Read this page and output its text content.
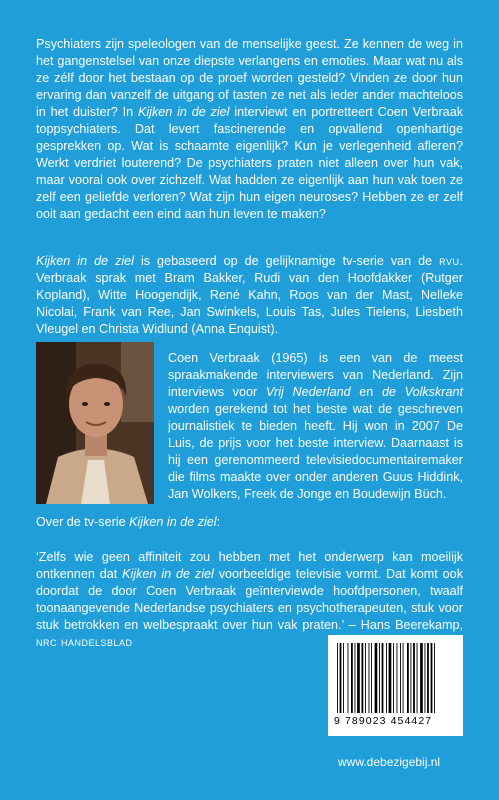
Psychiaters zijn speleologen van de menselijke geest. Ze kennen de weg in het gangenstelsel van onze diepste verlangens en emoties. Maar wat nu als ze zélf door het bestaan op de proef worden gesteld? Vinden ze door hun ervaring dan vanzelf de uitgang of tasten ze net als ieder ander machteloos in het duister? In Kijken in de ziel interviewt en portretteert Coen Verbraak toppsychiaters. Dat levert fascinerende en opvallend openhartige gesprekken op. Wat is schaamte eigenlijk? Kun je verlegenheid afleren? Werkt verdriet louterend? De psychiaters praten niet alleen over hun vak, maar vooral ook over zichzelf. Wat hadden ze eigenlijk aan hun vak toen ze zelf een geliefde verloren? Wat zijn hun eigen neuroses? Hebben ze er zelf ooit aan gedacht een eind aan hun leven te maken?

Kijken in de ziel is gebaseerd op de gelijknamige tv-serie van de rvu. Verbraak sprak met Bram Bakker, Rudi van den Hoofdakker (Rutger Kopland), Witte Hoogendijk, René Kahn, Roos van der Mast, Nelleke Nicolai, Frank van Ree, Jan Swinkels, Louis Tas, Jules Tielens, Liesbeth Vleugel en Christa Widlund (Anna Enquist).

Coen Verbraak (1965) is een van de meest spraakmakende interviewers van Nederland. Zijn interviews voor Vrij Nederland en de Volkskrant worden gerekend tot het beste wat de geschreven journalistiek te bieden heeft. Hij won in 2007 De Luis, de prijs voor het beste interview. Daarnaast is hij een gerenommeerd televisiedocumentairemaker die films maakte over onder anderen Guus Hiddink, Jan Wolkers, Freek de Jonge en Boudewijn Büch.

Over de tv-serie Kijken in de ziel:

‘Zelfs wie geen affiniteit zou hebben met het onderwerp kan moeilijk ontkennen dat Kijken in de ziel voorbeeldige televisie vormt. Dat komt ook doordat de door Coen Verbraak geïnterviewde hoofdpersonen, twaalf toonaangevende Nederlandse psychiaters en psychotherapeuten, stuk voor stuk betrokken en welbespraakt over hun vak praten.’ – Hans Beerekamp, nrc handelsblad

9 789023 454427
www.debezigebij.nl
